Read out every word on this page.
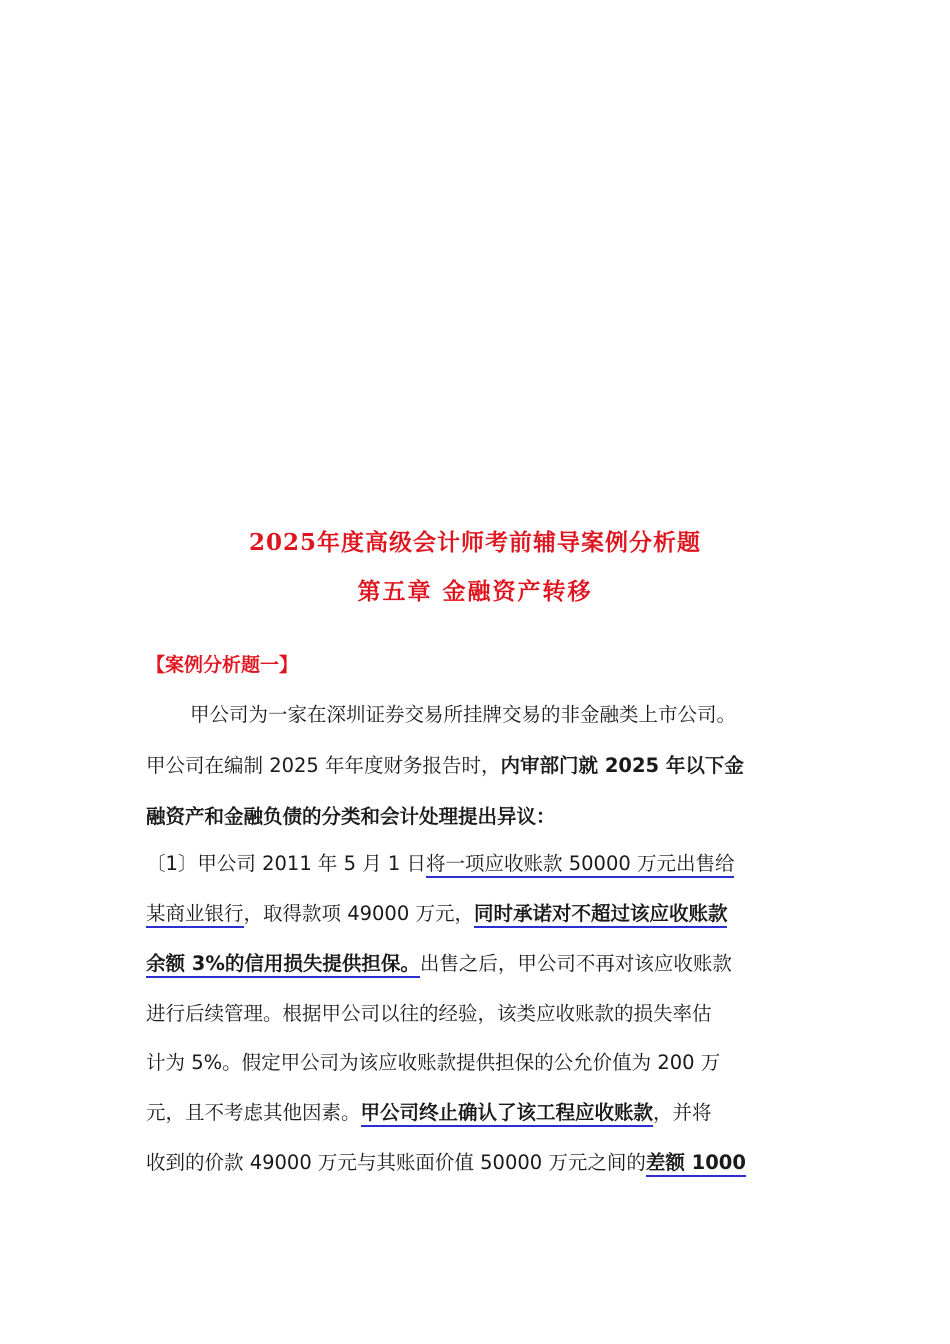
2025年度高级会计师考前辅导案例分析题
第五章 金融资产转移
【案例分析题一】
甲公司为一家在深圳证券交易所挂牌交易的非金融类上市公司。
甲公司在编制 2025 年年度财务报告时，内审部门就 2025 年以下金
融资产和金融负债的分类和会计处理提出异议：
〔1〕甲公司 2011 年 5 月 1 日将一项应收账款 50000 万元出售给
某商业银行，取得款项 49000 万元，同时承诺对不超过该应收账款
余额 3%的信用损失提供担保。出售之后，甲公司不再对该应收账款
进行后续管理。根据甲公司以往的经验，该类应收账款的损失率估
计为 5%。假定甲公司为该应收账款提供担保的公允价值为 200 万
元，且不考虑其他因素。甲公司终止确认了该工程应收账款，并将
收到的价款 49000 万元与其账面价值 50000 万元之间的差额 1000
